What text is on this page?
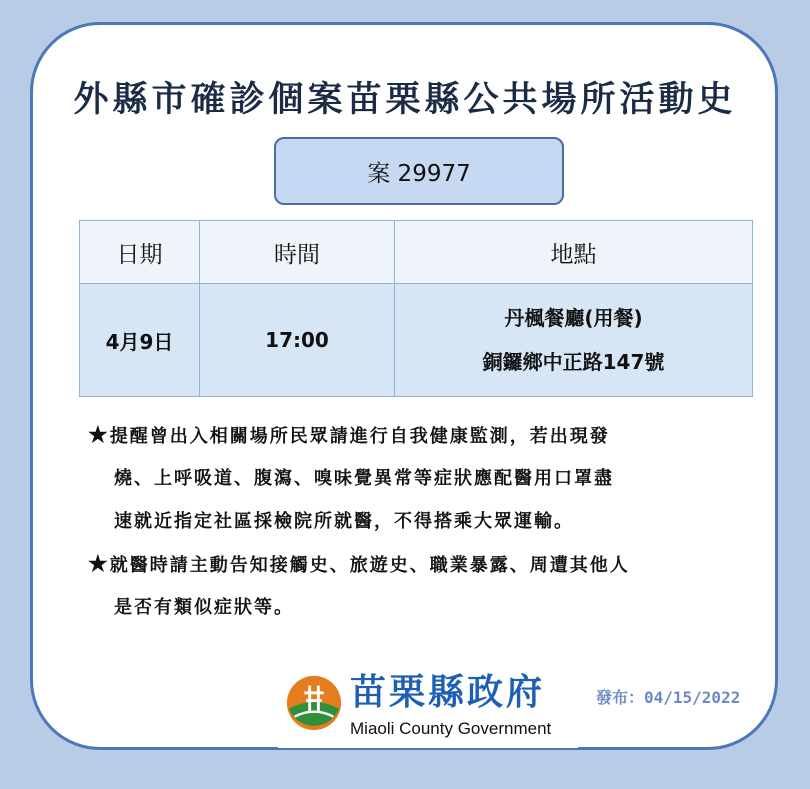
外縣市確診個案苗栗縣公共場所活動史
案 29977
日期	時間	地點
4月9日	17:00	丹楓餐廳(用餐)
銅鑼鄉中正路147號
★提醒曾出入相關場所民眾請進行自我健康監測，若出現發
燒、上呼吸道、腹瀉、嗅味覺異常等症狀應配醫用口罩盡
速就近指定社區採檢院所就醫，不得搭乘大眾運輸。
★就醫時請主動告知接觸史、旅遊史、職業暴露、周遭其他人
是否有類似症狀等。
苗栗縣政府
Miaoli County Government
發布：04/15/2022
